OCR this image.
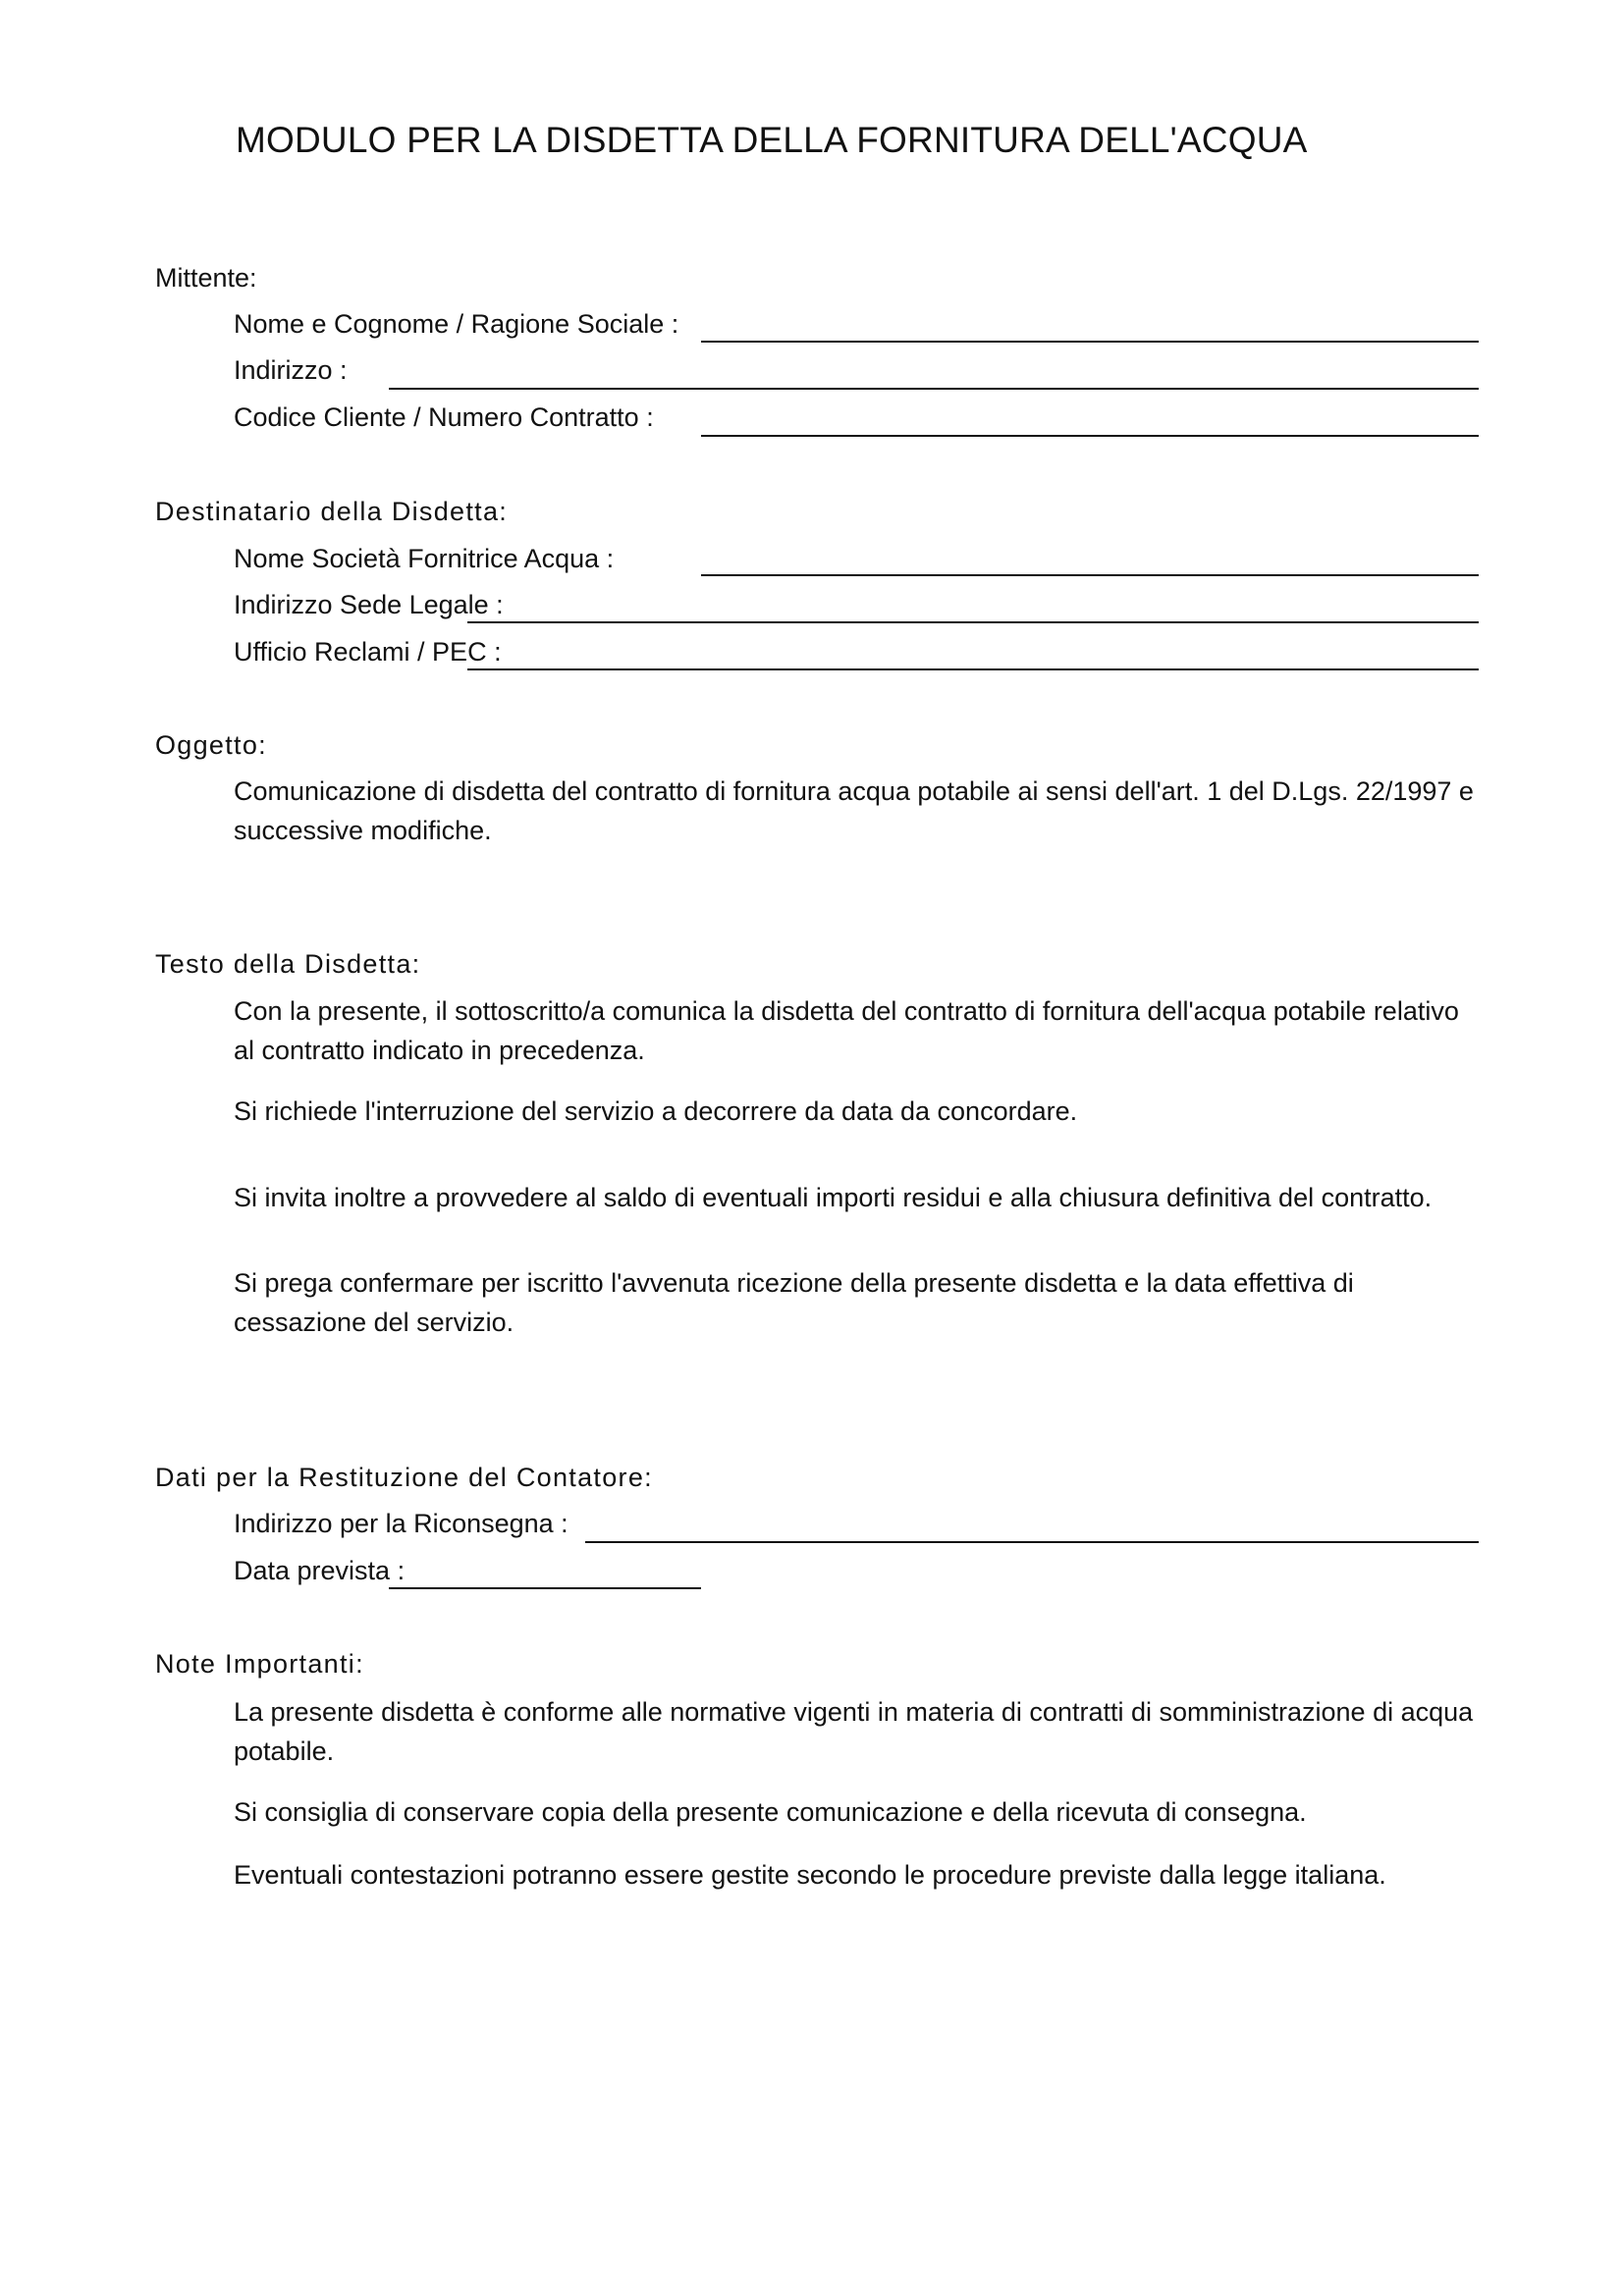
MODULO PER LA DISDETTA DELLA FORNITURA DELL'ACQUA
Mittente:
Nome e Cognome / Ragione Sociale :
Indirizzo :
Codice Cliente / Numero Contratto :
Destinatario della Disdetta:
Nome Società Fornitrice Acqua :
Indirizzo Sede Legale :
Ufficio Reclami / PEC :
Oggetto:
Comunicazione di disdetta del contratto di fornitura acqua potabile ai sensi dell'art. 1 del D.Lgs. 22/1997 e successive modifiche.
Testo della Disdetta:
Con la presente, il sottoscritto/a comunica la disdetta del contratto di fornitura dell'acqua potabile relativo al contratto indicato in precedenza.
Si richiede l'interruzione del servizio a decorrere da data da concordare.
Si invita inoltre a provvedere al saldo di eventuali importi residui e alla chiusura definitiva del contratto.
Si prega confermare per iscritto l'avvenuta ricezione della presente disdetta e la data effettiva di cessazione del servizio.
Dati per la Restituzione del Contatore:
Indirizzo per la Riconsegna :
Data prevista :
Note Importanti:
La presente disdetta è conforme alle normative vigenti in materia di contratti di somministrazione di acqua potabile.
Si consiglia di conservare copia della presente comunicazione e della ricevuta di consegna.
Eventuali contestazioni potranno essere gestite secondo le procedure previste dalla legge italiana.
